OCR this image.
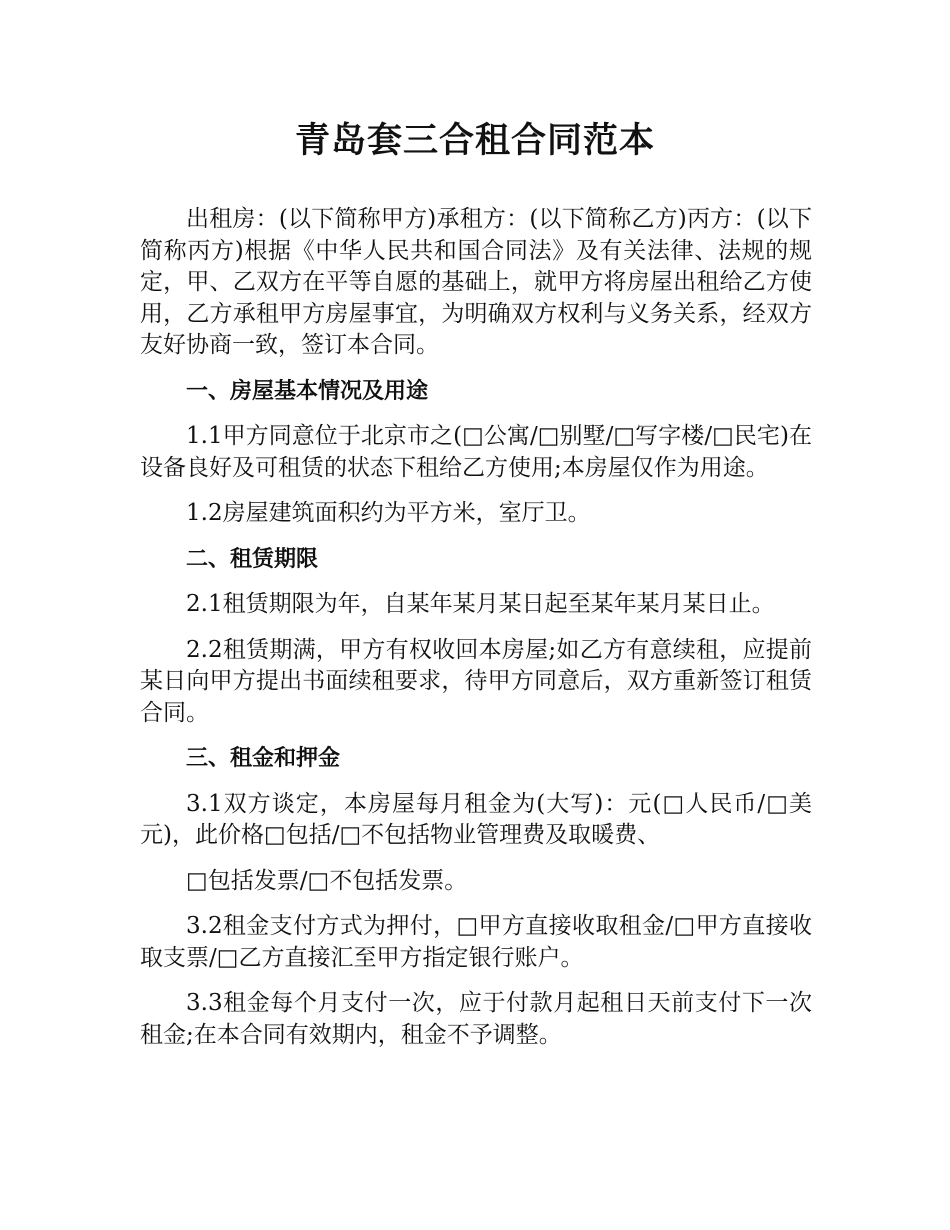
青岛套三合租合同范本

出租房：(以下简称甲方)承租方：(以下简称乙方)丙方：(以下简称丙方)根据《中华人民共和国合同法》及有关法律、法规的规定，甲、乙双方在平等自愿的基础上，就甲方将房屋出租给乙方使用，乙方承租甲方房屋事宜，为明确双方权利与义务关系，经双方友好协商一致，签订本合同。

一、房屋基本情况及用途

1.1甲方同意位于北京市之(□公寓/□别墅/□写字楼/□民宅)在设备良好及可租赁的状态下租给乙方使用;本房屋仅作为用途。

1.2房屋建筑面积约为平方米，室厅卫。

二、租赁期限

2.1租赁期限为年，自某年某月某日起至某年某月某日止。

2.2租赁期满，甲方有权收回本房屋;如乙方有意续租，应提前某日向甲方提出书面续租要求，待甲方同意后，双方重新签订租赁合同。

三、租金和押金

3.1双方谈定，本房屋每月租金为(大写)：元(□人民币/□美元)，此价格□包括/□不包括物业管理费及取暖费、

□包括发票/□不包括发票。

3.2租金支付方式为押付，□甲方直接收取租金/□甲方直接收取支票/□乙方直接汇至甲方指定银行账户。

3.3租金每个月支付一次，应于付款月起租日天前支付下一次租金;在本合同有效期内，租金不予调整。
